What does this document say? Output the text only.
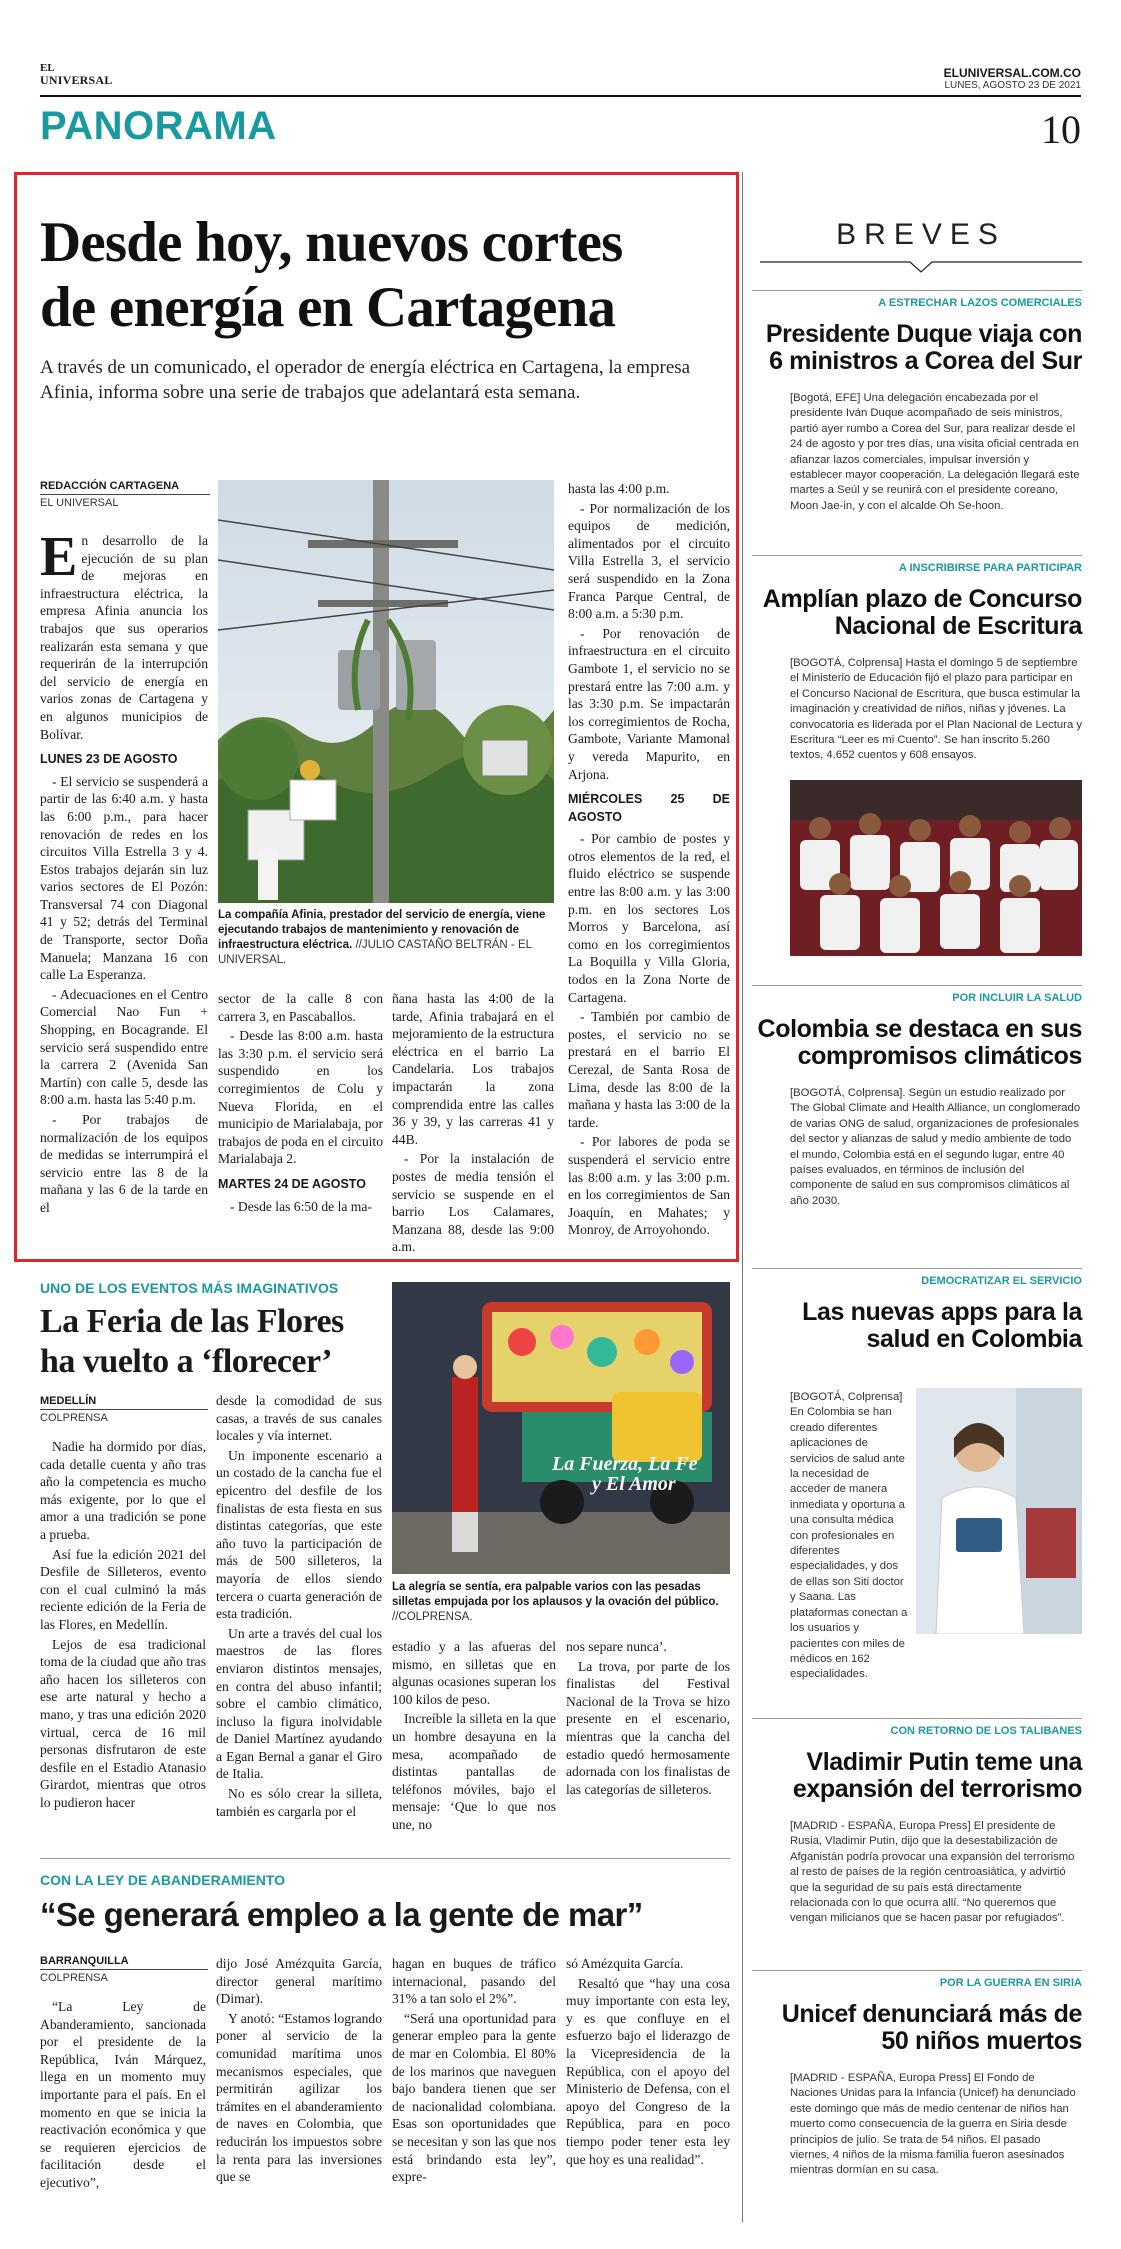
EL
UNIVERSAL	ELUNIVERSAL.COM.CO
LUNES, AGOSTO 23 DE 2021
PANORAMA	10
Desde hoy, nuevos cortes
de energía en Cartagena
A través de un comunicado, el operador de energía eléctrica en Cartagena, la empresa Afinia, informa sobre una serie de trabajos que adelantará esta semana.
REDACCIÓN CARTAGENA
EL UNIVERSAL

En desarrollo de la ejecución de su plan de mejoras en infraestructura eléctrica, la empresa Afinia anuncia los trabajos que sus operarios realizarán esta semana y que requerirán de la interrupción del servicio de energía en varios zonas de Cartagena y en algunos municipios de Bolívar.

LUNES 23 DE AGOSTO

- El servicio se suspenderá a partir de las 6:40 a.m. y hasta las 6:00 p.m., para hacer renovación de redes en los circuitos Villa Estrella 3 y 4. Estos trabajos dejarán sin luz varios sectores de El Pozón: Transversal 74 con Diagonal 41 y 52; detrás del Terminal de Transporte, sector Doña Manuela; Manzana 16 con calle La Esperanza.

- Adecuaciones en el Centro Comercial Nao Fun + Shopping, en Bocagrande. El servicio será suspendido entre la carrera 2 (Avenida San Martín) con calle 5, desde las 8:00 a.m. hasta las 5:40 p.m.

- Por trabajos de normalización de los equipos de medidas se interrumpirá el servicio entre las 8 de la mañana y las 6 de la tarde en el

La compañía Afinia, prestador del servicio de energía, viene ejecutando trabajos de mantenimiento y renovación de infraestructura eléctrica. //JULIO CASTAÑO BELTRÁN - EL UNIVERSAL.

sector de la calle 8 con carrera 3, en Pascaballos.

- Desde las 8:00 a.m. hasta las 3:30 p.m. el servicio será suspendido en los corregimientos de Colu y Nueva Florida, en el municipio de Marialabaja, por trabajos de poda en el circuito Marialabaja 2.

MARTES 24 DE AGOSTO

- Desde las 6:50 de la ma-

ñana hasta las 4:00 de la tarde, Afinia trabajará en el mejoramiento de la estructura eléctrica en el barrio La Candelaria. Los trabajos impactarán la zona comprendida entre las calles 36 y 39, y las carreras 41 y 44B.

- Por la instalación de postes de media tensión el servicio se suspende en el barrio Los Calamares, Manzana 88, desde las 9:00 a.m.

hasta las 4:00 p.m.

- Por normalización de los equipos de medición, alimentados por el circuito Villa Estrella 3, el servicio será suspendido en la Zona Franca Parque Central, de 8:00 a.m. a 5:30 p.m.

- Por renovación de infraestructura en el circuito Gambote 1, el servicio no se prestará entre las 7:00 a.m. y las 3:30 p.m. Se impactarán los corregimientos de Rocha, Gambote, Variante Mamonal y vereda Mapurito, en Arjona.

MIÉRCOLES 25 DE AGOSTO

- Por cambio de postes y otros elementos de la red, el fluido eléctrico se suspende entre las 8:00 a.m. y las 3:00 p.m. en los sectores Los Morros y Barcelona, así como en los corregimientos La Boquilla y Villa Gloria, todos en la Zona Norte de Cartagena.

- También por cambio de postes, el servicio no se prestará en el barrio El Cerezal, de Santa Rosa de Lima, desde las 8:00 de la mañana y hasta las 3:00 de la tarde.

- Por labores de poda se suspenderá el servicio entre las 8:00 a.m. y las 3:00 p.m. en los corregimientos de San Joaquín, en Mahates; y Monroy, de Arroyohondo.

UNO DE LOS EVENTOS MÁS IMAGINATIVOS
La Feria de las Flores
ha vuelto a ‘florecer’
MEDELLÍN
COLPRENSA

Nadie ha dormido por días, cada detalle cuenta y año tras año la competencia es mucho más exigente, por lo que el amor a una tradición se pone a prueba.

Así fue la edición 2021 del Desfile de Silleteros, evento con el cual culminó la más reciente edición de la Feria de las Flores, en Medellín.

Lejos de esa tradicional toma de la ciudad que año tras año hacen los silleteros con ese arte natural y hecho a mano, y tras una edición 2020 virtual, cerca de 16 mil personas disfrutaron de este desfile en el Estadio Atanasio Girardot, mientras que otros lo pudieron hacer

desde la comodidad de sus casas, a través de sus canales locales y vía internet.

Un imponente escenario a un costado de la cancha fue el epicentro del desfile de los finalistas de esta fiesta en sus distintas categorías, que este año tuvo la participación de más de 500 silleteros, la mayoría de ellos siendo tercera o cuarta generación de esta tradición.

Un arte a través del cual los maestros de las flores enviaron distintos mensajes, en contra del abuso infantil; sobre el cambio climático, incluso la figura inolvidable de Daniel Martínez ayudando a Egan Bernal a ganar el Giro de Italia.

No es sólo crear la silleta, también es cargarla por el

La Fuerza, La Fe
y El Amor
La alegría se sentía, era palpable varios con las pesadas silletas empujada por los aplausos y la ovación del público.
//COLPRENSA.

estadio y a las afueras del mismo, en silletas que en algunas ocasiones superan los 100 kilos de peso.

Increíble la silleta en la que un hombre desayuna en la mesa, acompañado de distintas pantallas de teléfonos móviles, bajo el mensaje: ‘Que lo que nos une, no

nos separe nunca’.

La trova, por parte de los finalistas del Festival Nacional de la Trova se hizo presente en el escenario, mientras que la cancha del estadio quedó hermosamente adornada con los finalistas de las categorías de silleteros.

CON LA LEY DE ABANDERAMIENTO
“Se generará empleo a la gente de mar”
BARRANQUILLA
COLPRENSA

“La Ley de Abanderamiento, sancionada por el presidente de la República, Iván Márquez, llega en un momento muy importante para el país. En el momento en que se inicia la reactivación económica y que se requieren ejercicios de facilitación desde el ejecutivo”,

dijo José Amézquita García, director general marítimo (Dimar).

Y anotó: “Estamos logrando poner al servicio de la comunidad marítima unos mecanismos especiales, que permitirán agilizar los trámites en el abanderamiento de naves en Colombia, que reducirán los impuestos sobre la renta para las inversiones que se

hagan en buques de tráfico internacional, pasando del 31% a tan solo el 2%”.

“Será una oportunidad para generar empleo para la gente de mar en Colombia. El 80% de los marinos que naveguen bajo bandera tienen que ser de nacionalidad colombiana. Esas son oportunidades que se necesitan y son las que nos está brindando esta ley”, expre-

só Amézquita García.

Resaltó que “hay una cosa muy importante con esta ley, y es que confluye en el esfuerzo bajo el liderazgo de la Vicepresidencia de la República, con el apoyo del Ministerio de Defensa, con el apoyo del Congreso de la República, para en poco tiempo poder tener esta ley que hoy es una realidad”.

BREVES
A ESTRECHAR LAZOS COMERCIALES
Presidente Duque viaja con 6 ministros a Corea del Sur
[Bogotá, EFE] Una delegación encabezada por el presidente Iván Duque acompañado de seis ministros, partió ayer rumbo a Corea del Sur, para realizar desde el 24 de agosto y por tres días, una visita oficial centrada en afianzar lazos comerciales, impulsar inversión y establecer mayor cooperación. La delegación llegará este martes a Seúl y se reunirá con el presidente coreano, Moon Jae-in, y con el alcalde Oh Se-hoon.
A INSCRIBIRSE PARA PARTICIPAR
Amplían plazo de Concurso Nacional de Escritura
[BOGOTÁ, Colprensa] Hasta el domingo 5 de septiembre el Ministerio de Educación fijó el plazo para participar en el Concurso Nacional de Escritura, que busca estimular la imaginación y creatividad de niños, niñas y jóvenes. La convocatoria es liderada por el Plan Nacional de Lectura y Escritura “Leer es mi Cuento”. Se han inscrito 5.260 textos, 4.652 cuentos y 608 ensayos.
POR INCLUIR LA SALUD
Colombia se destaca en sus compromisos climáticos
[BOGOTÁ, Colprensa]. Según un estudio realizado por The Global Climate and Health Alliance, un conglomerado de varias ONG de salud, organizaciones de profesionales del sector y alianzas de salud y medio ambiente de todo el mundo, Colombia está en el segundo lugar, entre 40 países evaluados, en términos de inclusión del componente de salud en sus compromisos climáticos al año 2030.
DEMOCRATIZAR EL SERVICIO
Las nuevas apps para la salud en Colombia
[BOGOTÁ, Colprensa] En Colombia se han creado diferentes aplicaciones de servicios de salud ante la necesidad de acceder de manera inmediata y oportuna a una consulta médica con profesionales en diferentes especialidades, y dos de ellas son Siti doctor y Saana. Las plataformas conectan a los usuarios y pacientes con miles de médicos en 162 especialidades.
CON RETORNO DE LOS TALIBANES
Vladimir Putin teme una expansión del terrorismo
[MADRID - ESPAÑA, Europa Press] El presidente de Rusia, Vladimir Putin, dijo que la desestabilización de Afganistán podría provocar una expansión del terrorismo al resto de países de la región centroasiática, y advirtió que la seguridad de su país está directamente relacionada con lo que ocurra allí. “No queremos que vengan milicianos que se hacen pasar por refugiados”.
POR LA GUERRA EN SIRIA
Unicef denunciará más de 50 niños muertos
[MADRID - ESPAÑA, Europa Press] El Fondo de Naciones Unidas para la Infancia (Unicef) ha denunciado este domingo que más de medio centenar de niños han muerto como consecuencia de la guerra en Siria desde principios de julio. Se trata de 54 niños. El pasado viernes, 4 niños de la misma familia fueron asesinados mientras dormían en su casa.
